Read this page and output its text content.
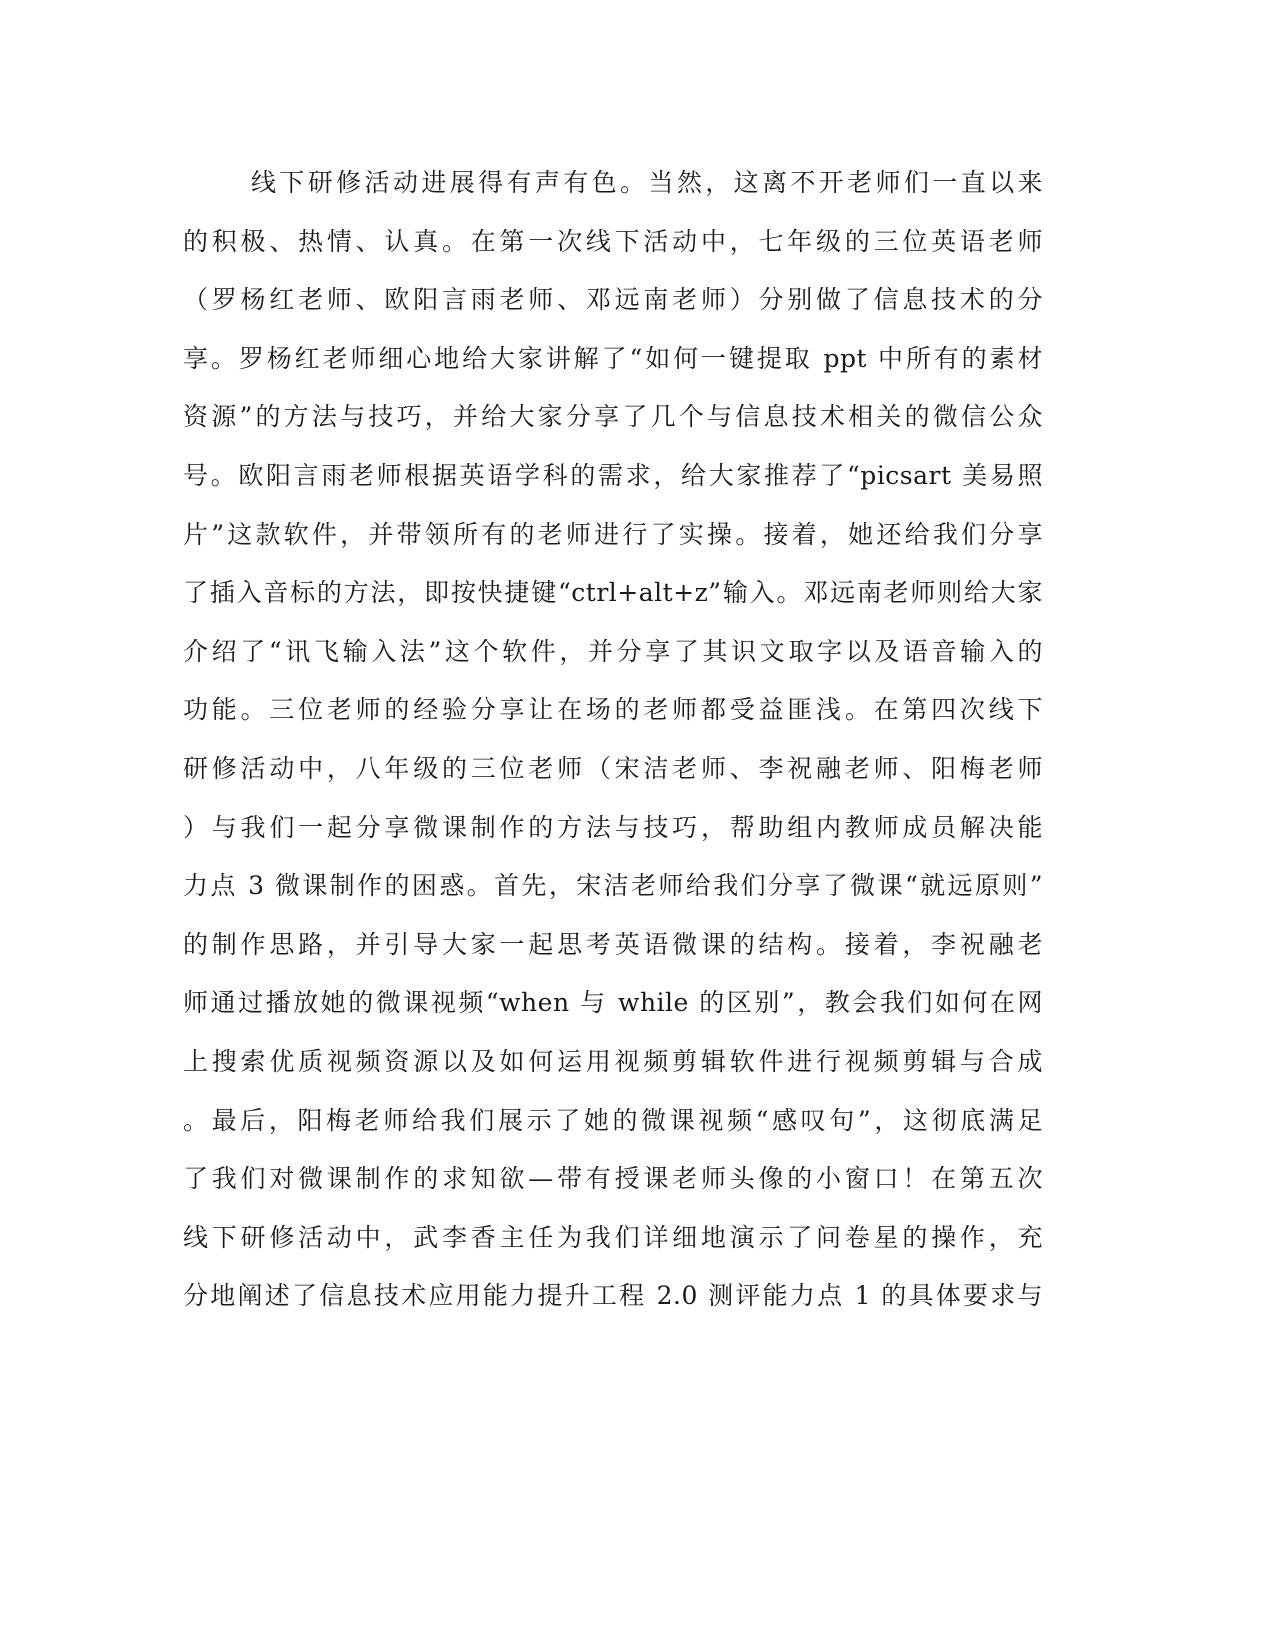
线下研修活动进展得有声有色。当然，这离不开老师们一直以来
的积极、热情、认真。在第一次线下活动中，七年级的三位英语老师
（罗杨红老师、欧阳言雨老师、邓远南老师）分别做了信息技术的分
享。罗杨红老师细心地给大家讲解了“如何一键提取 ppt 中所有的素材
资源”的方法与技巧，并给大家分享了几个与信息技术相关的微信公众
号。欧阳言雨老师根据英语学科的需求，给大家推荐了“picsart 美易照
片”这款软件，并带领所有的老师进行了实操。接着，她还给我们分享
了插入音标的方法，即按快捷键“ctrl+alt+z”输入。邓远南老师则给大家
介绍了“讯飞输入法”这个软件，并分享了其识文取字以及语音输入的
功能。三位老师的经验分享让在场的老师都受益匪浅。在第四次线下
研修活动中，八年级的三位老师（宋洁老师、李祝融老师、阳梅老师
）与我们一起分享微课制作的方法与技巧，帮助组内教师成员解决能
力点 3 微课制作的困惑。首先，宋洁老师给我们分享了微课“就远原则”
的制作思路，并引导大家一起思考英语微课的结构。接着，李祝融老
师通过播放她的微课视频“when 与 while 的区别”，教会我们如何在网
上搜索优质视频资源以及如何运用视频剪辑软件进行视频剪辑与合成
。最后，阳梅老师给我们展示了她的微课视频“感叹句”，这彻底满足
了我们对微课制作的求知欲—带有授课老师头像的小窗口！在第五次
线下研修活动中，武李香主任为我们详细地演示了问卷星的操作，充
分地阐述了信息技术应用能力提升工程 2.0 测评能力点 1 的具体要求与
